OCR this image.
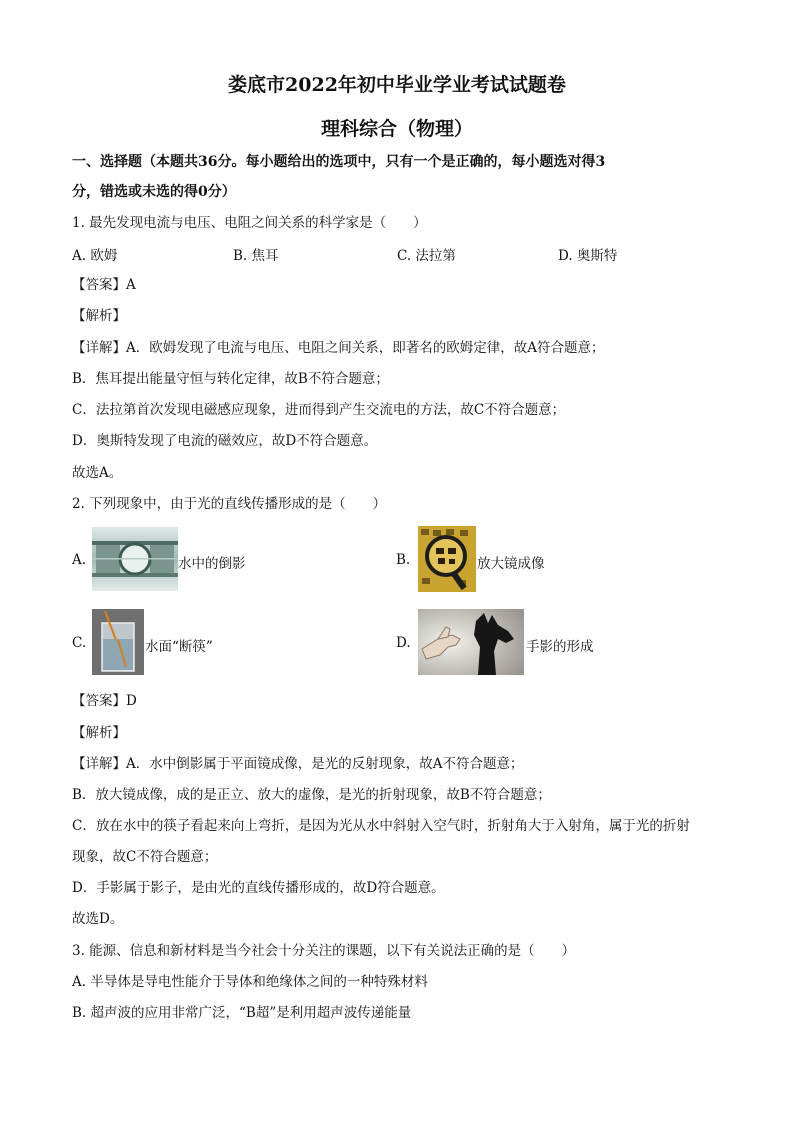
娄底市2022年初中毕业学业考试试题卷
理科综合（物理）
一、选择题（本题共36分。每小题给出的选项中，只有一个是正确的，每小题选对得3
分，错选或未选的得0分）
1. 最先发现电流与电压、电阻之间关系的科学家是（　　）
A. 欧姆	B. 焦耳	C. 法拉第	D. 奥斯特
【答案】A
【解析】
【详解】A．欧姆发现了电流与电压、电阻之间关系，即著名的欧姆定律，故A符合题意；
B．焦耳提出能量守恒与转化定律，故B不符合题意；
C．法拉第首次发现电磁感应现象，进而得到产生交流电的方法，故C不符合题意；
D．奥斯特发现了电流的磁效应，故D不符合题意。
故选A。
2. 下列现象中，由于光的直线传播形成的是（　　）
A.	水中的倒影	B.	放大镜成像
C.	水面“断筷”	D.	手影的形成
【答案】D
【解析】
【详解】A．水中倒影属于平面镜成像，是光的反射现象，故A不符合题意；
B．放大镜成像，成的是正立、放大的虚像，是光的折射现象，故B不符合题意；
C．放在水中的筷子看起来向上弯折，是因为光从水中斜射入空气时，折射角大于入射角，属于光的折射
现象，故C不符合题意；
D．手影属于影子，是由光的直线传播形成的，故D符合题意。
故选D。
3. 能源、信息和新材料是当今社会十分关注的课题，以下有关说法正确的是（　　）
A. 半导体是导电性能介于导体和绝缘体之间的一种特殊材料
B. 超声波的应用非常广泛，“B超”是利用超声波传递能量
